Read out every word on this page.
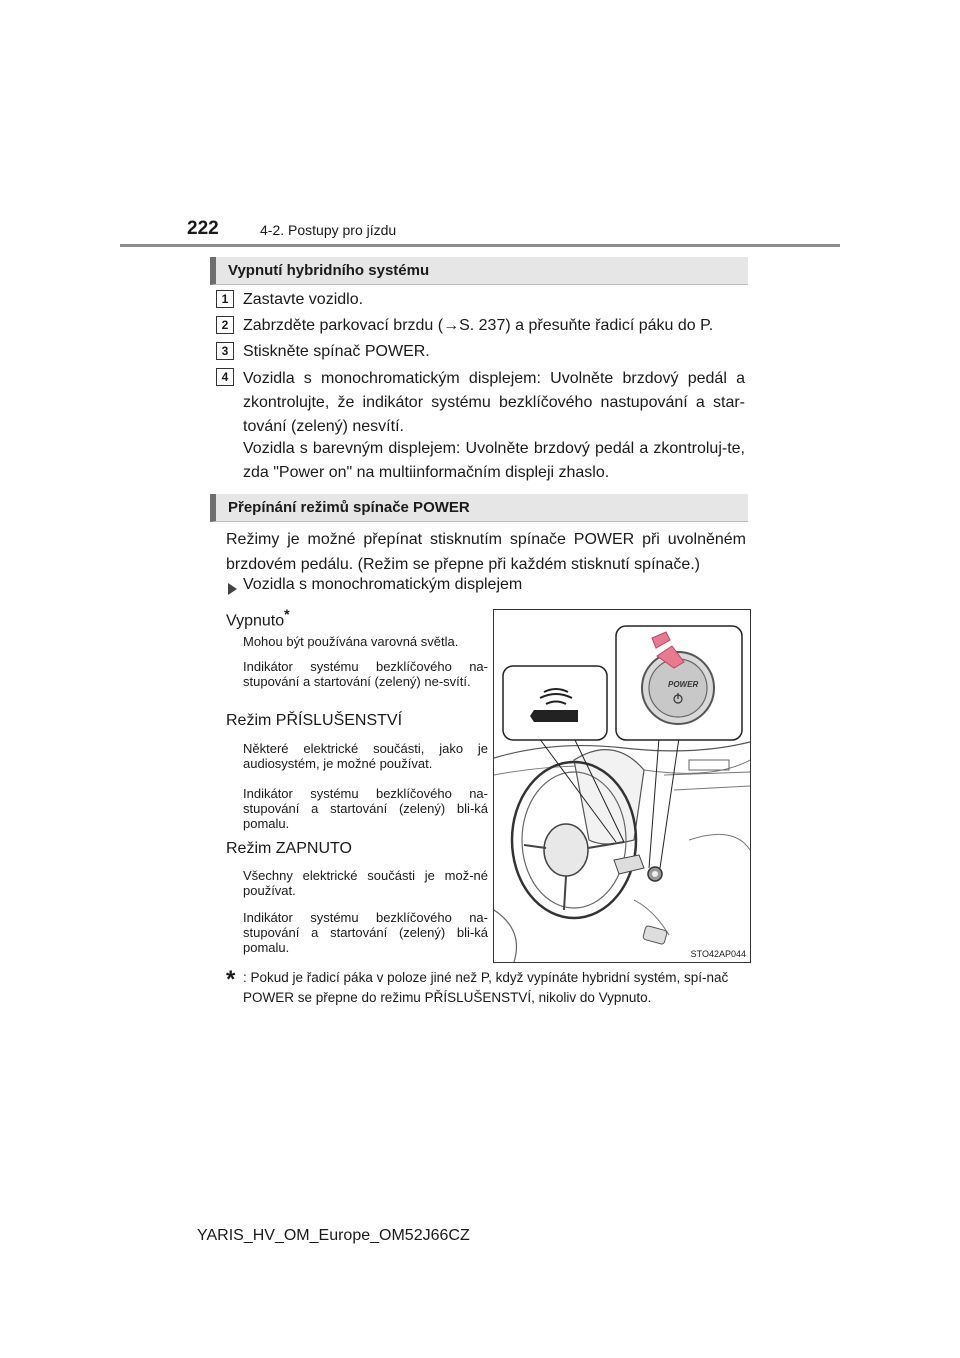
222	4-2. Postupy pro jízdu
Vypnutí hybridního systému
1 Zastavte vozidlo.
2 Zabrzděte parkovací brzdu (→S. 237) a přesuňte řadicí páku do P.
3 Stiskněte spínač POWER.
4 Vozidla s monochromatickým displejem: Uvolněte brzdový pedál a zkontrolujte, že indikátor systému bezklíčového nastupování a star-tování (zelený) nesvítí.
Vozidla s barevným displejem: Uvolněte brzdový pedál a zkontroluj-te, zda "Power on" na multiinformačním displeji zhaslo.
Přepínání režimů spínače POWER
Režimy je možné přepínat stisknutím spínače POWER při uvolněném brzdovém pedálu. (Režim se přepne při každém stisknutí spínače.)
Vozidla s monochromatickým displejem
Vypnuto*
Mohou být používána varovná světla.
Indikátor systému bezklíčového na-stupování a startování (zelený) ne-svítí.
Režim PŘÍSLUŠENSTVÍ
Některé elektrické součásti, jako je audiosystém, je možné používat.
Indikátor systému bezklíčového na-stupování a startování (zelený) bli-ká pomalu.
Režim ZAPNUTO
Všechny elektrické součásti je mož-né používat.
Indikátor systému bezklíčového na-stupování a startování (zelený) bli-ká pomalu.
POWER
STO42AP044
* : Pokud je řadicí páka v poloze jiné než P, když vypínáte hybridní systém, spí-nač POWER se přepne do režimu PŘÍSLUŠENSTVÍ, nikoliv do Vypnuto.
YARIS_HV_OM_Europe_OM52J66CZ
